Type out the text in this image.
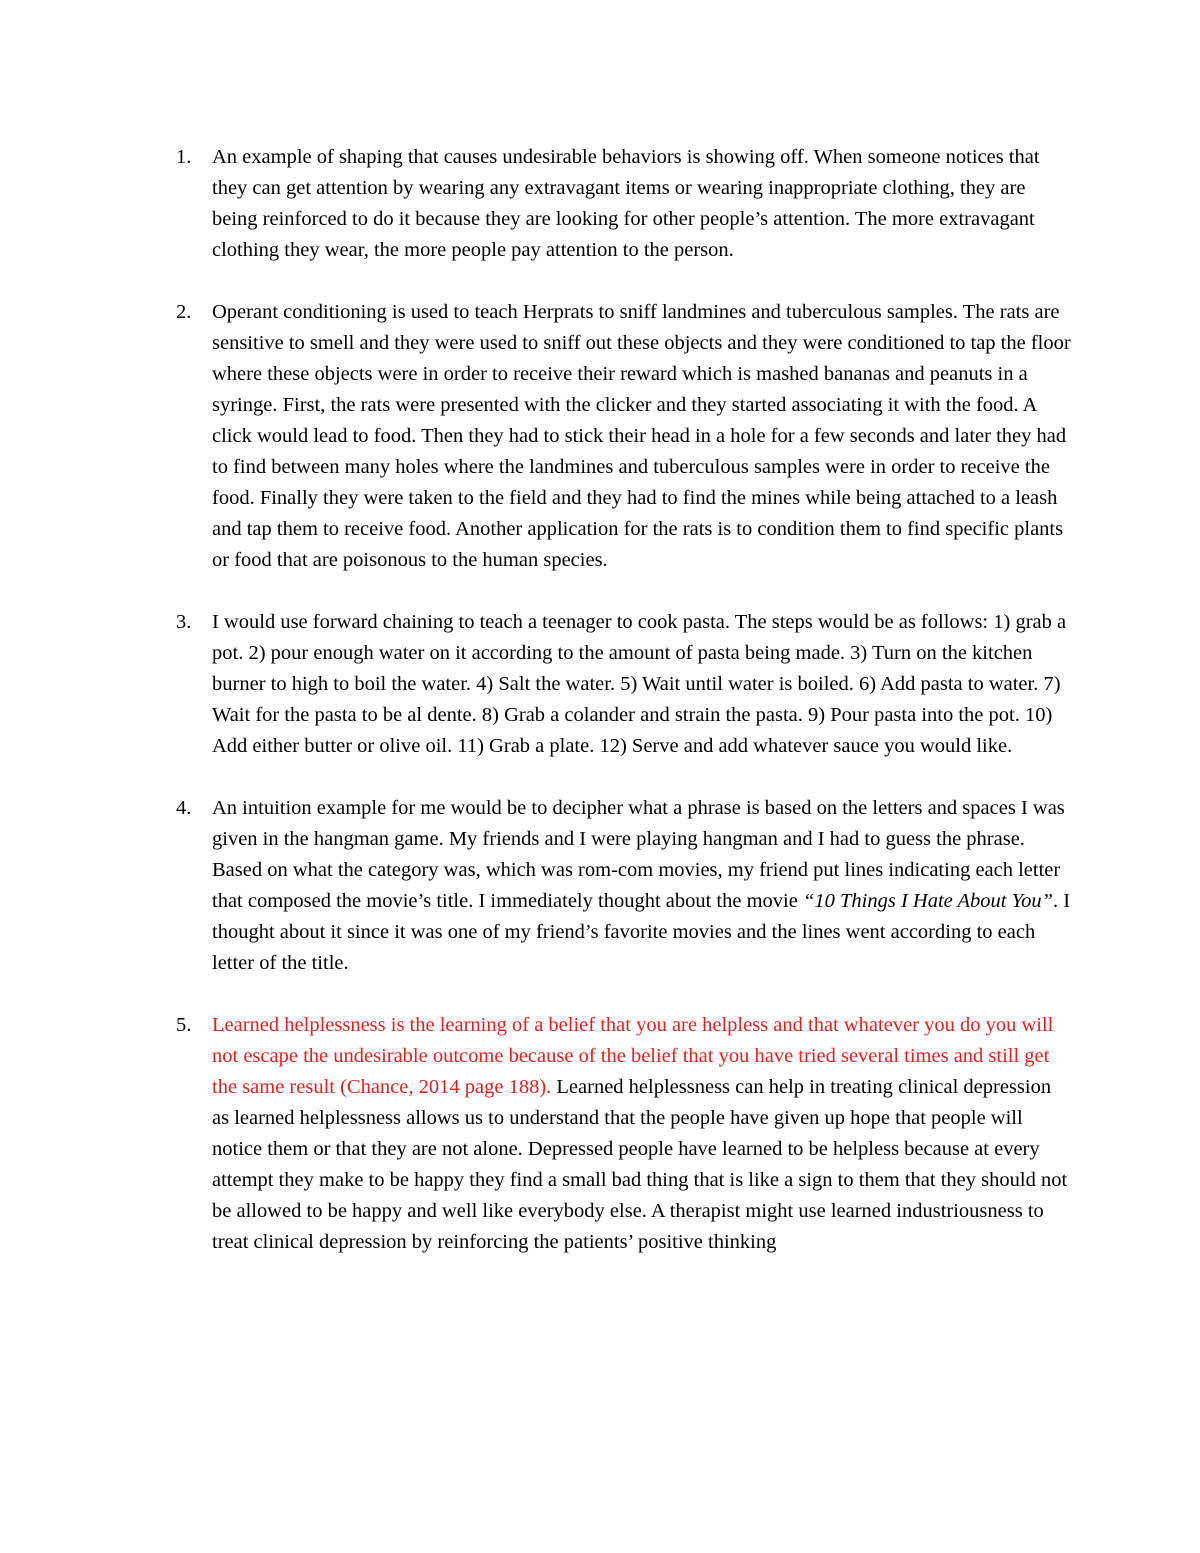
1. An example of shaping that causes undesirable behaviors is showing off. When someone notices that they can get attention by wearing any extravagant items or wearing inappropriate clothing, they are being reinforced to do it because they are looking for other people’s attention. The more extravagant clothing they wear, the more people pay attention to the person.
2. Operant conditioning is used to teach Herprats to sniff landmines and tuberculous samples. The rats are sensitive to smell and they were used to sniff out these objects and they were conditioned to tap the floor where these objects were in order to receive their reward which is mashed bananas and peanuts in a syringe. First, the rats were presented with the clicker and they started associating it with the food. A click would lead to food. Then they had to stick their head in a hole for a few seconds and later they had to find between many holes where the landmines and tuberculous samples were in order to receive the food. Finally they were taken to the field and they had to find the mines while being attached to a leash and tap them to receive food. Another application for the rats is to condition them to find specific plants or food that are poisonous to the human species.
3. I would use forward chaining to teach a teenager to cook pasta. The steps would be as follows: 1) grab a pot. 2) pour enough water on it according to the amount of pasta being made. 3) Turn on the kitchen burner to high to boil the water. 4) Salt the water. 5) Wait until water is boiled. 6) Add pasta to water. 7) Wait for the pasta to be al dente. 8) Grab a colander and strain the pasta. 9) Pour pasta into the pot. 10) Add either butter or olive oil. 11) Grab a plate. 12) Serve and add whatever sauce you would like.
4. An intuition example for me would be to decipher what a phrase is based on the letters and spaces I was given in the hangman game. My friends and I were playing hangman and I had to guess the phrase. Based on what the category was, which was rom-com movies, my friend put lines indicating each letter that composed the movie’s title. I immediately thought about the movie “10 Things I Hate About You”. I thought about it since it was one of my friend’s favorite movies and the lines went according to each letter of the title.
5. Learned helplessness is the learning of a belief that you are helpless and that whatever you do you will not escape the undesirable outcome because of the belief that you have tried several times and still get the same result (Chance, 2014 page 188). Learned helplessness can help in treating clinical depression as learned helplessness allows us to understand that the people have given up hope that people will notice them or that they are not alone. Depressed people have learned to be helpless because at every attempt they make to be happy they find a small bad thing that is like a sign to them that they should not be allowed to be happy and well like everybody else. A therapist might use learned industriousness to treat clinical depression by reinforcing the patients’ positive thinking
